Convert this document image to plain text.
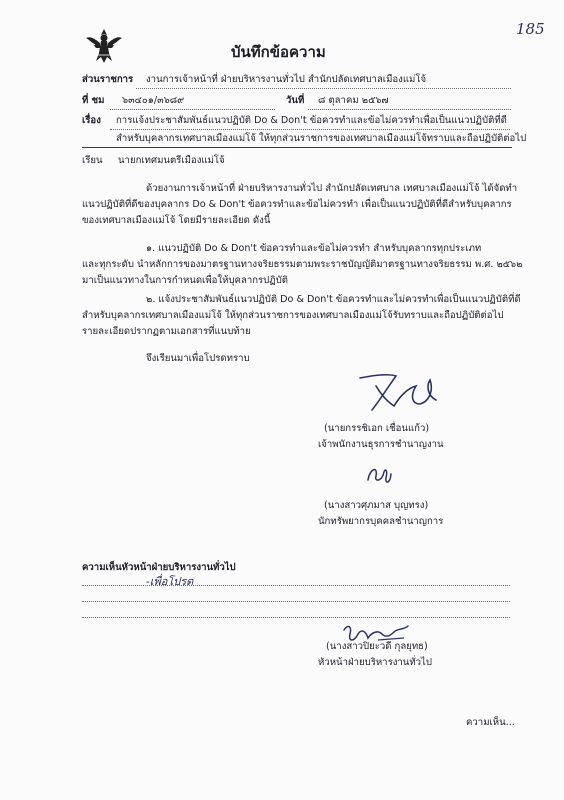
185
บันทึกข้อความ
ส่วนราชการ งานการเจ้าหน้าที่ ฝ่ายบริหารงานทั่วไป สำนักปลัดเทศบาลเมืองแม่โจ้
ที่ ชม ๖๓๔๐๑/๓๖๘๙	วันที่ ๘ ตุลาคม ๒๕๖๗
เรื่อง การแจ้งประชาสัมพันธ์แนวปฏิบัติ Do & Don't ข้อควรทำและข้อไม่ควรทำเพื่อเป็นแนวปฏิบัติที่ดี
สำหรับบุคลากรเทศบาลเมืองแม่โจ้ ให้ทุกส่วนราชการของเทศบาลเมืองแม่โจ้ทราบและถือปฏิบัติต่อไป
เรียน นายกเทศมนตรีเมืองแม่โจ้
ด้วยงานการเจ้าหน้าที่ ฝ่ายบริหารงานทั่วไป สำนักปลัดเทศบาล เทศบาลเมืองแม่โจ้ ได้จัดทำ
แนวปฏิบัติที่ดีของบุคลากร Do & Don't ข้อควรทำและข้อไม่ควรทำ เพื่อเป็นแนวปฏิบัติที่ดีสำหรับบุคลากร
ของเทศบาลเมืองแม่โจ้ โดยมีรายละเอียด ดังนี้
๑. แนวปฏิบัติ Do & Don't ข้อควรทำและข้อไม่ควรทำ สำหรับบุคลากรทุกประเภท
และทุกระดับ นำหลักการของมาตรฐานทางจริยธรรมตามพระราชบัญญัติมาตรฐานทางจริยธรรม พ.ศ. ๒๕๖๒
มาเป็นแนวทางในการกำหนดเพื่อให้บุคลากรปฏิบัติ
๒. แจ้งประชาสัมพันธ์แนวปฏิบัติ Do & Don't ข้อควรทำและไม่ควรทำเพื่อเป็นแนวปฏิบัติที่ดี
สำหรับบุคลากรเทศบาลเมืองแม่โจ้ ให้ทุกส่วนราชการของเทศบาลเมืองแม่โจ้รับทราบและถือปฏิบัติต่อไป
รายละเอียดปรากฏตามเอกสารที่แนบท้าย
จึงเรียนมาเพื่อโปรดทราบ
(นายกรรชิเอก เชื่อนแก้ว)
เจ้าพนักงานธุรการชำนาญงาน
(นางสาวศุภมาส บุญทรง)
นักทรัพยากรบุคคลชำนาญการ
ความเห็นหัวหน้าฝ่ายบริหารงานทั่วไป
-เพื่อโปรด
(นางสาวปิยะวดี กุลยุทธ)
หัวหน้าฝ่ายบริหารงานทั่วไป
ความเห็น...
